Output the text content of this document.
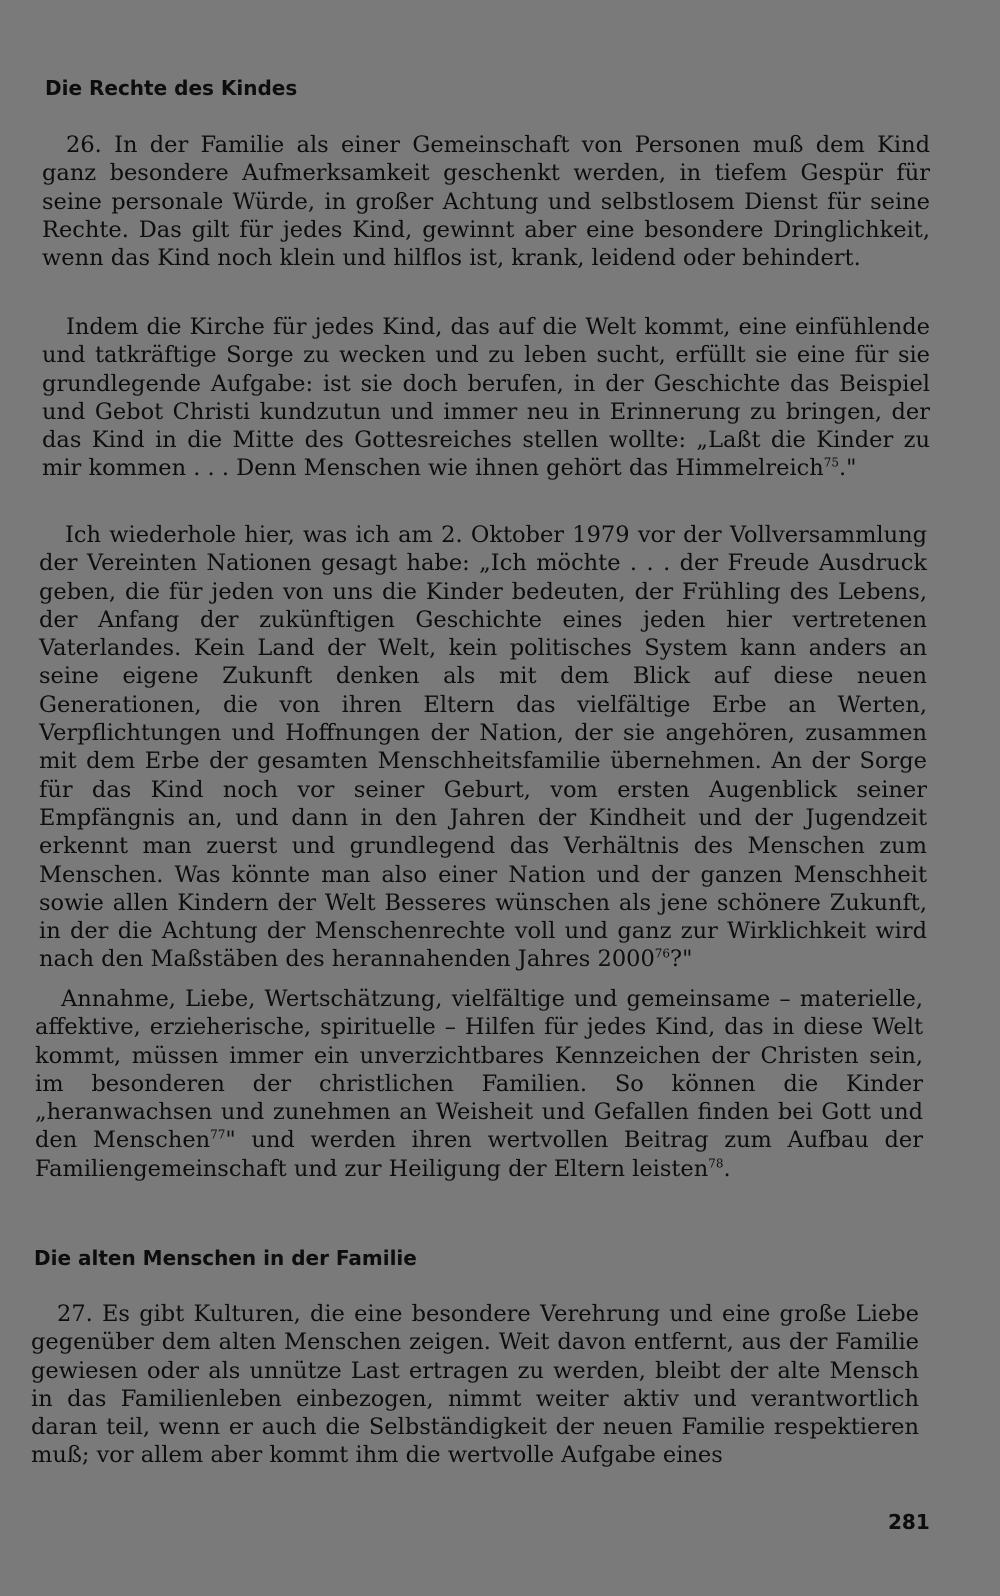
Die Rechte des Kindes

26. In der Familie als einer Gemeinschaft von Personen muß dem Kind ganz besondere Aufmerksamkeit geschenkt werden, in tiefem Gespür für seine personale Würde, in großer Achtung und selbstlosem Dienst für seine Rechte. Das gilt für jedes Kind, gewinnt aber eine besondere Dringlichkeit, wenn das Kind noch klein und hilflos ist, krank, leidend oder behindert.

Indem die Kirche für jedes Kind, das auf die Welt kommt, eine einfühlende und tatkräftige Sorge zu wecken und zu leben sucht, erfüllt sie eine für sie grundlegende Aufgabe: ist sie doch berufen, in der Geschichte das Beispiel und Gebot Christi kundzutun und immer neu in Erinnerung zu bringen, der das Kind in die Mitte des Gottesreiches stellen wollte: „Laßt die Kinder zu mir kommen . . . Denn Menschen wie ihnen gehört das Himmelreich$^{75}$."

Ich wiederhole hier, was ich am 2. Oktober 1979 vor der Vollversammlung der Vereinten Nationen gesagt habe: „Ich möchte . . . der Freude Ausdruck geben, die für jeden von uns die Kinder bedeuten, der Frühling des Lebens, der Anfang der zukünftigen Geschichte eines jeden hier vertretenen Vaterlandes. Kein Land der Welt, kein politisches System kann anders an seine eigene Zukunft denken als mit dem Blick auf diese neuen Generationen, die von ihren Eltern das vielfältige Erbe an Werten, Verpflichtungen und Hoffnungen der Nation, der sie angehören, zusammen mit dem Erbe der gesamten Menschheitsfamilie übernehmen. An der Sorge für das Kind noch vor seiner Geburt, vom ersten Augenblick seiner Empfängnis an, und dann in den Jahren der Kindheit und der Jugendzeit erkennt man zuerst und grundlegend das Verhältnis des Menschen zum Menschen. Was könnte man also einer Nation und der ganzen Menschheit sowie allen Kindern der Welt Besseres wünschen als jene schönere Zukunft, in der die Achtung der Menschenrechte voll und ganz zur Wirklichkeit wird nach den Maßstäben des herannahenden Jahres 2000$^{76}$?"

Annahme, Liebe, Wertschätzung, vielfältige und gemeinsame – materielle, affektive, erzieherische, spirituelle – Hilfen für jedes Kind, das in diese Welt kommt, müssen immer ein unverzichtbares Kennzeichen der Christen sein, im besonderen der christlichen Familien. So können die Kinder „heranwachsen und zunehmen an Weisheit und Gefallen finden bei Gott und den Menschen$^{77}$" und werden ihren wertvollen Beitrag zum Aufbau der Familiengemeinschaft und zur Heiligung der Eltern leisten$^{78}$.

Die alten Menschen in der Familie

27. Es gibt Kulturen, die eine besondere Verehrung und eine große Liebe gegenüber dem alten Menschen zeigen. Weit davon entfernt, aus der Familie gewiesen oder als unnütze Last ertragen zu werden, bleibt der alte Mensch in das Familienleben einbezogen, nimmt weiter aktiv und verantwortlich daran teil, wenn er auch die Selbständigkeit der neuen Familie respektieren muß; vor allem aber kommt ihm die wertvolle Aufgabe eines

281
